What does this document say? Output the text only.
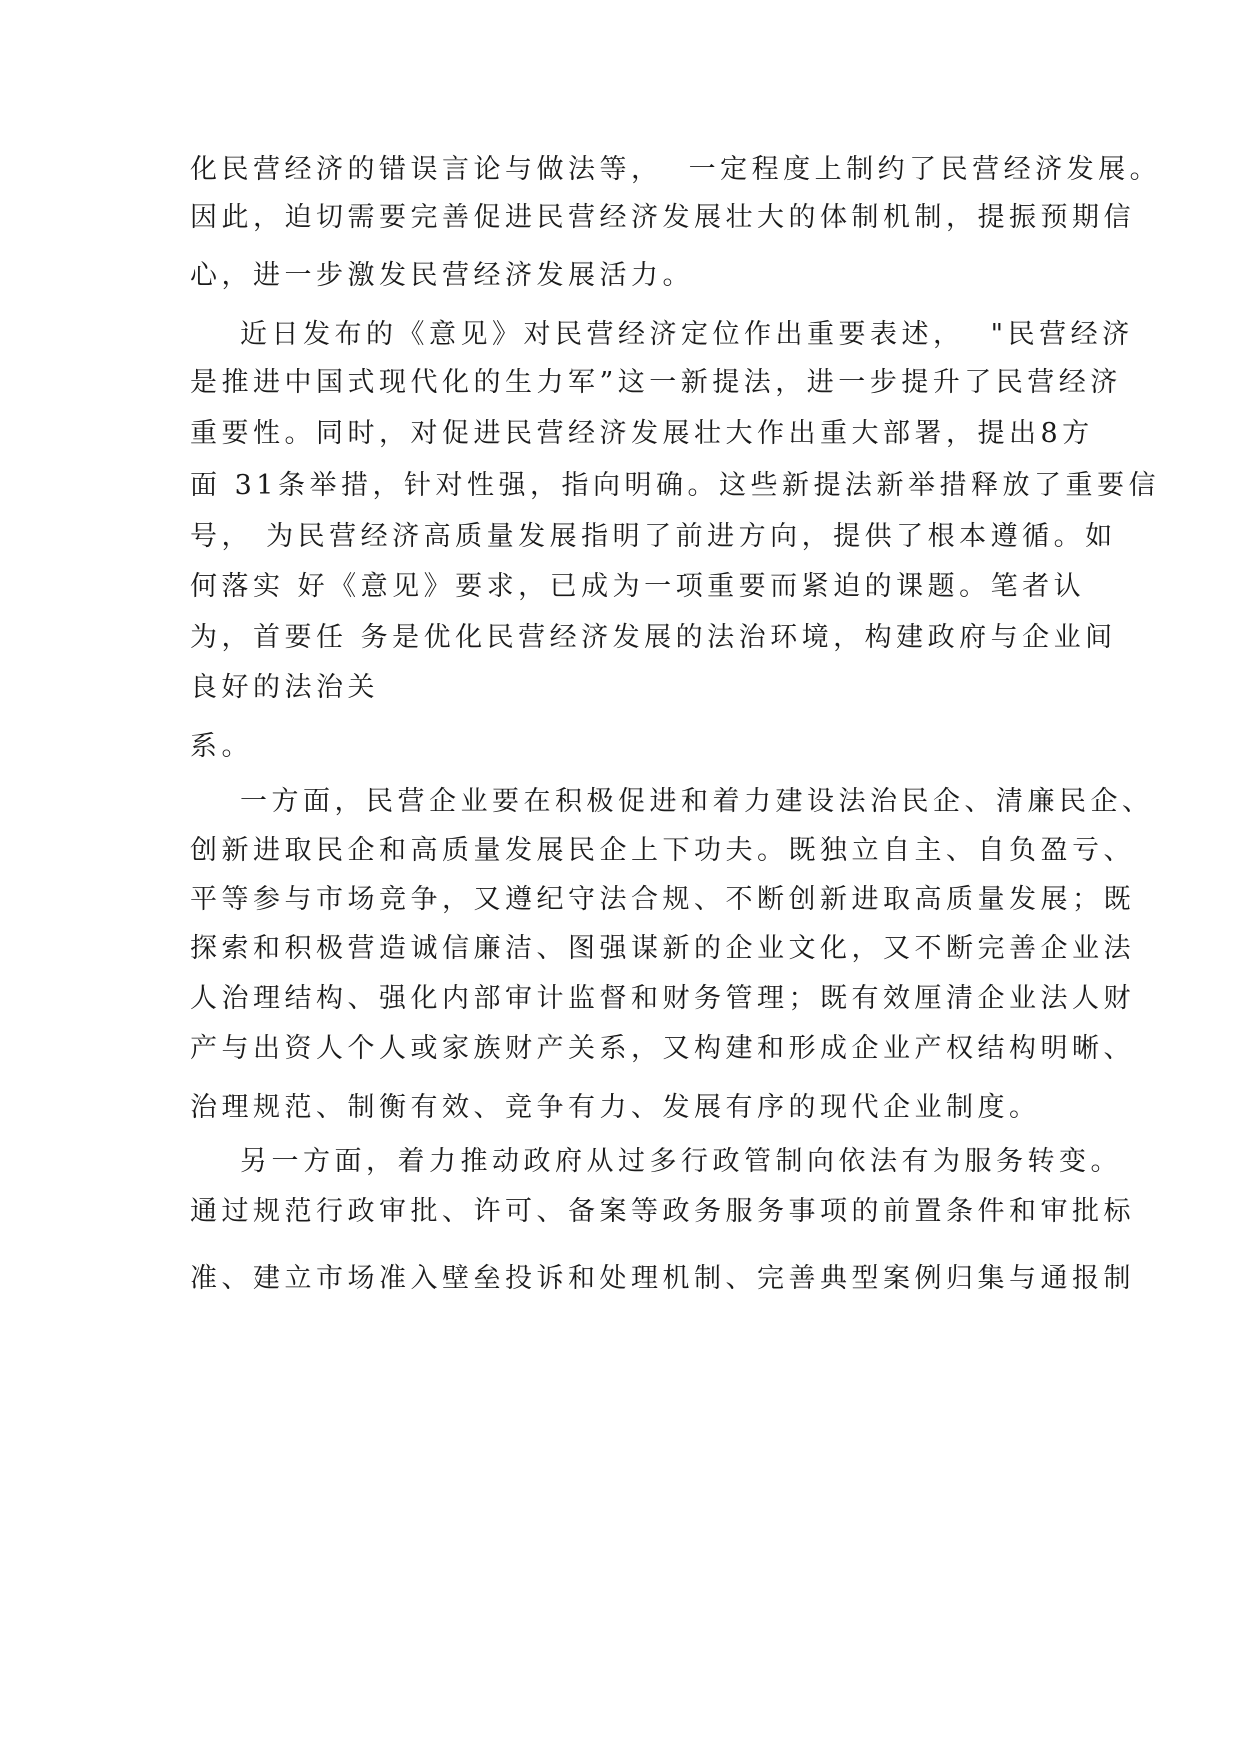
化民营经济的错误言论与做法等，  一定程度上制约了民营经济发展。
因此，迫切需要完善促进民营经济发展壮大的体制机制，提振预期信
心，进一步激发民营经济发展活力。
近日发布的《意见》对民营经济定位作出重要表述，  "民营经济
是推进中国式现代化的生力军”这一新提法，进一步提升了民营经济
重要性。同时，对促进民营经济发展壮大作出重大部署，提出8方
面 31条举措，针对性强，指向明确。这些新提法新举措释放了重要信
号， 为民营经济高质量发展指明了前进方向，提供了根本遵循。如
何落实 好《意见》要求，已成为一项重要而紧迫的课题。笔者认
为，首要任 务是优化民营经济发展的法治环境，构建政府与企业间
良好的法治关
系。
一方面，民营企业要在积极促进和着力建设法治民企、清廉民企、
创新进取民企和高质量发展民企上下功夫。既独立自主、自负盈亏、
平等参与市场竞争，又遵纪守法合规、不断创新进取高质量发展；既
探索和积极营造诚信廉洁、图强谋新的企业文化，又不断完善企业法
人治理结构、强化内部审计监督和财务管理；既有效厘清企业法人财
产与出资人个人或家族财产关系，又构建和形成企业产权结构明晰、
治理规范、制衡有效、竞争有力、发展有序的现代企业制度。
另一方面，着力推动政府从过多行政管制向依法有为服务转变。
通过规范行政审批、许可、备案等政务服务事项的前置条件和审批标
准、建立市场准入壁垒投诉和处理机制、完善典型案例归集与通报制
